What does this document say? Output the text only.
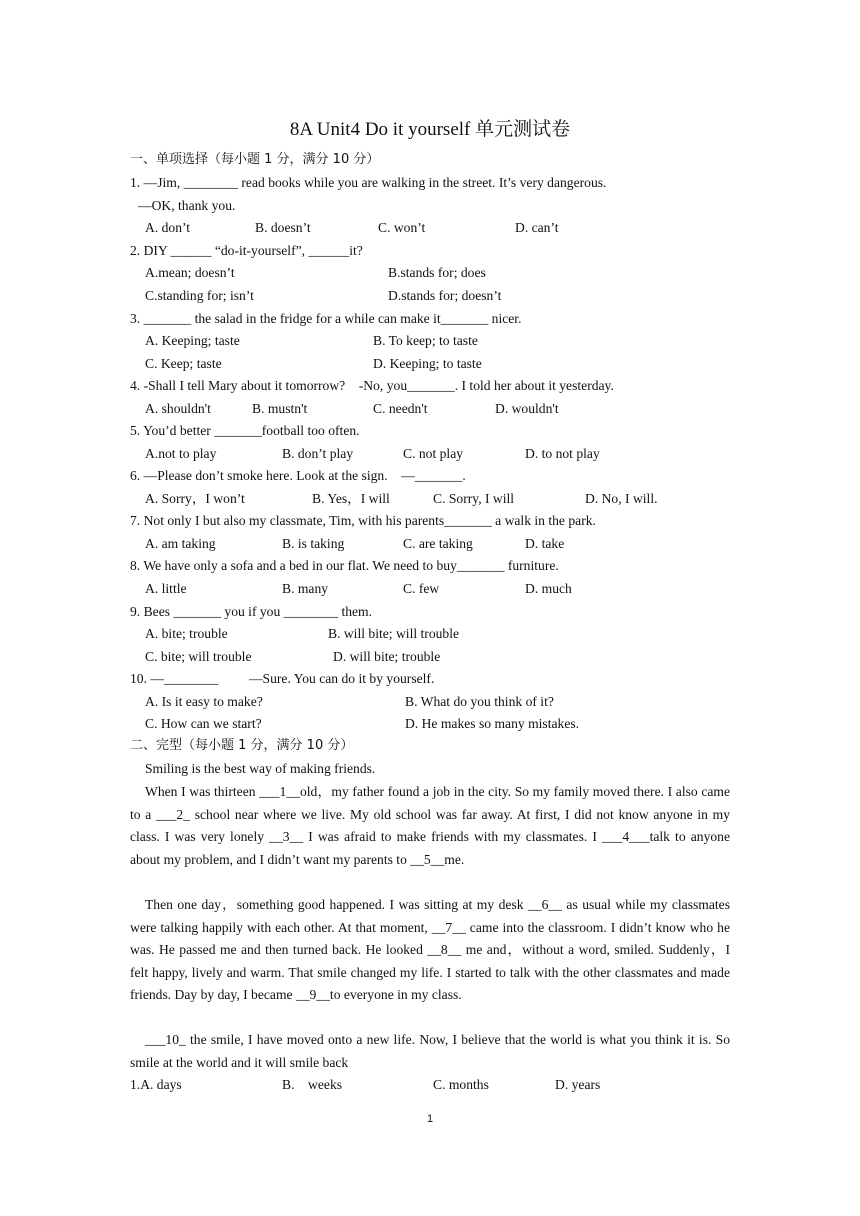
8A Unit4 Do it yourself 单元测试卷
一、单项选择（每小题 1 分，满分 10 分）
1. —Jim, ________ read books while you are walking in the street. It’s very dangerous.
—OK, thank you.
A. don’t	B. doesn’t	C. won’t	D. can’t
2. DIY ______ “do-it-yourself”, ______it?
A.mean; doesn’t	B.stands for; does
C.standing for; isn’t	D.stands for; doesn’t
3. _______ the salad in the fridge for a while can make it_______ nicer.
A. Keeping; taste	B. To keep; to taste
C. Keep; taste	D. Keeping; to taste
4. -Shall I tell Mary about it tomorrow?    -No, you_______. I told her about it yesterday.
A. shouldn't	B. mustn't	C. needn't	D. wouldn't
5. You’d better _______football too often.
A.not to play	B. don’t play	C. not play	D. to not play
6. —Please don’t smoke here. Look at the sign.    —_______.
A. Sorry，I won’t	B. Yes，I will	C. Sorry, I will	D. No, I will.
7. Not only I but also my classmate, Tim, with his parents_______ a walk in the park.
A. am taking	B. is taking	C. are taking	D. take
8. We have only a sofa and a bed in our flat. We need to buy_______ furniture.
A. little	B. many	C. few	D. much
9. Bees _______ you if you ________ them.
A. bite; trouble	B. will bite; will trouble
C. bite; will trouble	D. will bite; trouble
10. —________         —Sure. You can do it by yourself.
A. Is it easy to make?	B. What do you think of it?
C. How can we start?	D. He makes so many mistakes.
二、完型（每小题 1 分，满分 10 分）
Smiling is the best way of making friends.
When I was thirteen ___1__old，my father found a job in the city. So my family moved there. I also came to a ___2_ school near where we live. My old school was far away. At first, I did not know anyone in my class. I was very lonely __3__ I was afraid to make friends with my classmates. I ___4___talk to anyone about my problem, and I didn’t want my parents to __5__me.
Then one day，something good happened. I was sitting at my desk __6__ as usual while my classmates were talking happily with each other. At that moment, __7__ came into the classroom. I didn’t know who he was. He passed me and then turned back. He looked __8__ me and，without a word, smiled. Suddenly，I felt happy, lively and warm. That smile changed my life. I started to talk with the other classmates and made friends. Day by day, I became __9__to everyone in my class.
___10_ the smile, I have moved onto a new life. Now, I believe that the world is what you think it is. So smile at the world and it will smile back
1.A. days	B.    weeks	C. months	D. years
1
